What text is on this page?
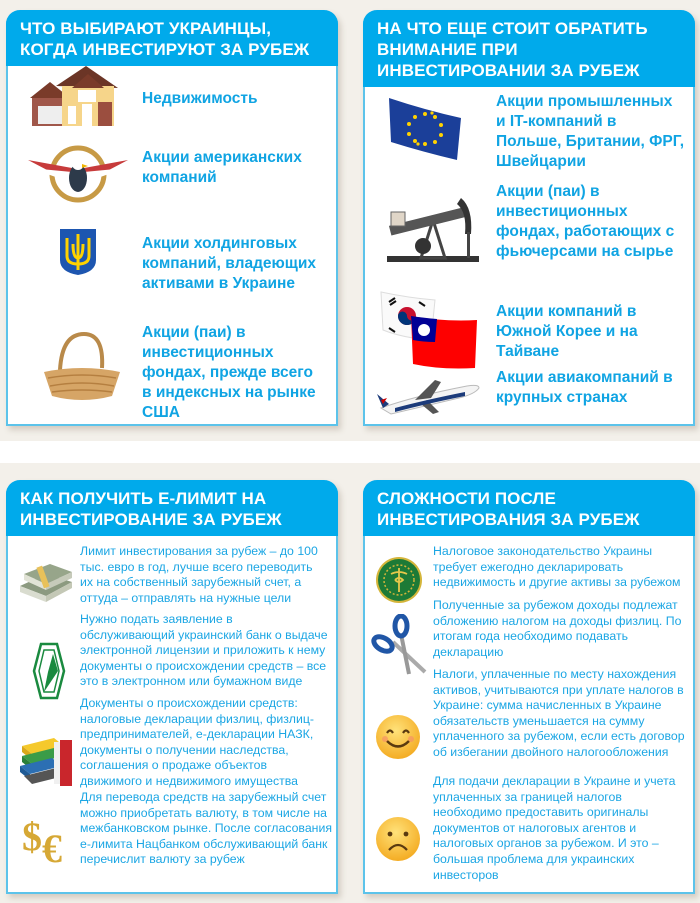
ЧТО ВЫБИРАЮТ УКРАИНЦЫ, КОГДА ИНВЕСТИРУЮТ ЗА РУБЕЖ
Недвижимость
Акции американских компаний
Акции холдинговых компаний, владеющих активами в Украине
Акции (паи) в инвестиционных фондах, прежде всего в индексных на рынке США
НА ЧТО ЕЩЕ СТОИТ ОБРАТИТЬ ВНИМАНИЕ ПРИ ИНВЕСТИРОВАНИИ ЗА РУБЕЖ
Акции промышленных и IT-компаний в Польше, Британии, ФРГ, Швейцарии
Акции (паи) в инвестиционных фондах, работающих с фьючерсами на сырье
Акции компаний в Южной Корее и на Тайване
Акции авиакомпаний в крупных странах
КАК ПОЛУЧИТЬ Е-ЛИМИТ НА ИНВЕСТИРОВАНИЕ ЗА РУБЕЖ
Лимит инвестирования за рубеж – до 100 тыс. евро в год, лучше всего переводить их на собственный зарубежный счет, а оттуда – отправлять на нужные цели
Нужно подать заявление в обслуживающий украинский банк о выдаче электронной лицензии и приложить к нему документы о происхождении средств – все это в электронном или бумажном виде
Документы о происхождении средств: налоговые декларации физлиц, физлиц-предпринимателей, е-декларации НАЗК, документы о получении наследства, соглашения о продаже объектов движимого и недвижимого имущества
$ €
Для перевода средств на зарубежный счет можно приобретать валюту, в том числе на межбанковском рынке. После согласования е-лимита Нацбанком обслуживающий банк перечислит валюту за рубеж
СЛОЖНОСТИ ПОСЛЕ ИНВЕСТИРОВАНИЯ ЗА РУБЕЖ
Налоговое законодательство Украины требует ежегодно декларировать недвижимость и другие активы за рубежом
Полученные за рубежом доходы подлежат обложению налогом на доходы физлиц. По итогам года необходимо подавать декларацию
Налоги, уплаченные по месту нахождения активов, учитываются при уплате налогов в Украине: сумма начисленных в Украине обязательств уменьшается на сумму уплаченного за рубежом, если есть договор об избегании двойного налогообложения
Для подачи декларации в Украине и учета уплаченных за границей налогов необходимо предоставить оригиналы документов от налоговых агентов и налоговых органов за рубежом. И это – большая проблема для украинских инвесторов
